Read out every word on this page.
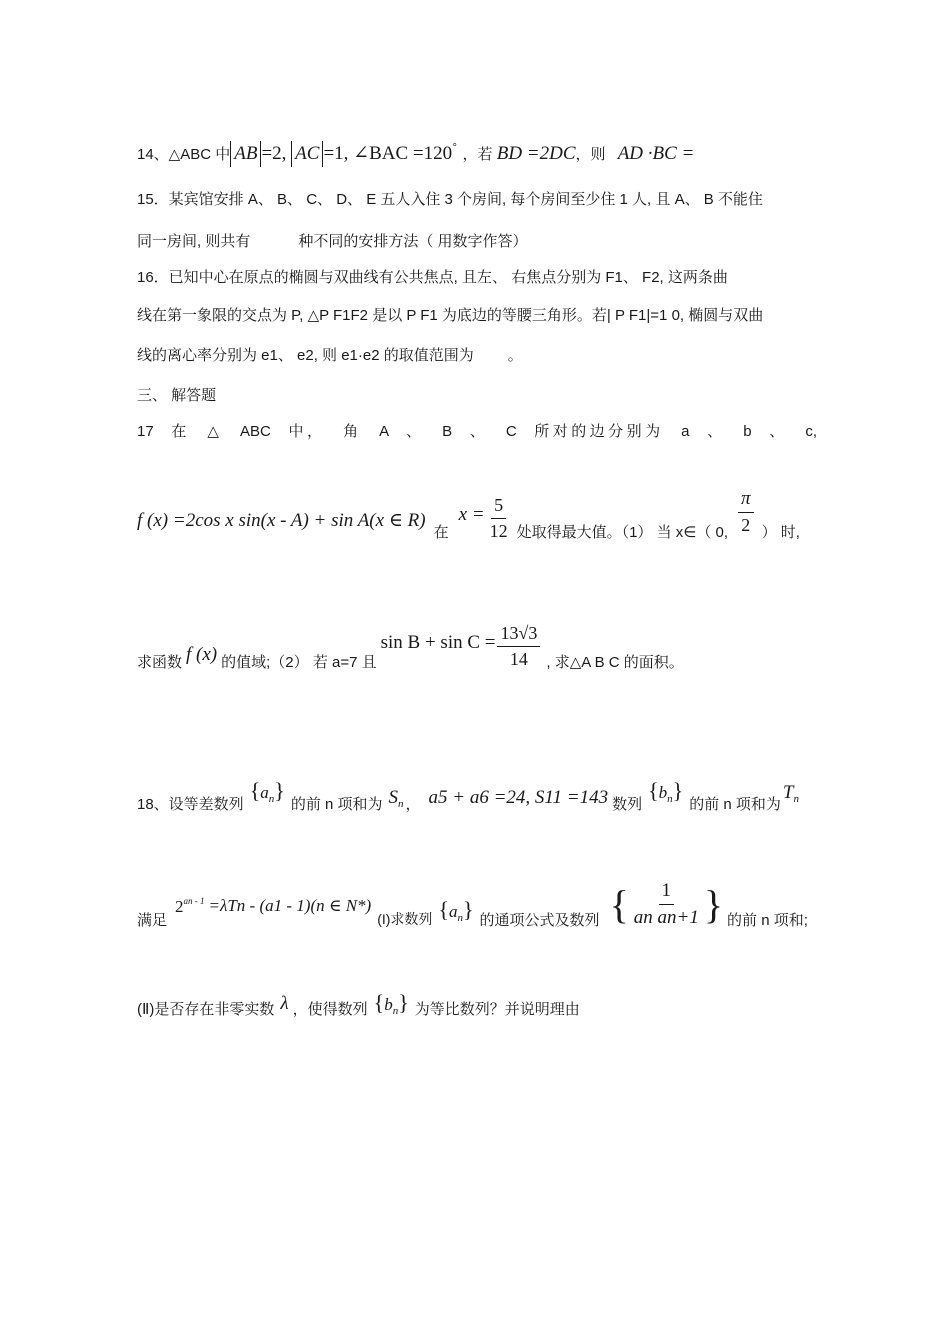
14、△ABC 中 AB =2, AC =1, ∠BAC =120° ，若 BD =2DC，则 AD ·BC =
15．某宾馆安排 A、 B、 C、 D、 E 五人入住 3 个房间, 每个房间至少住 1 人, 且 A、 B 不能住
同一房间, 则共有	种不同的安排方法（ 用数字作答）
16．已知中心在原点的椭圆与双曲线有公共焦点, 且左、 右焦点分别为 F1、 F2, 这两条曲
线在第一象限的交点为 P, △P F1F2 是以 P F1 为底边的等腰三角形。若| P F1|=1 0, 椭圆与双曲
线的离心率分别为 e1、 e2, 则 e1·e2 的取值范围为 。
三、 解答题
17 在 △ ABC 中， 角 A 、 B 、 C 所对的边分别为 a 、 b 、 c,
f (x) =2cos x sin(x - A) + sin A(x ∈ R)
在
$x = \frac{5}{12}$ 处取得最大值。（1） 当 x∈（ 0, $\frac{\pi}{2}$ ） 时,
求函数 f (x) 的值域;（2） 若 a=7 且
$\sin B + \sin C = \frac{13√3}{14}$ , 求△A B C 的面积。
18、设等差数列
$\{a_n\}$
的前 n 项和为 $S_n$ ， a5 + a6 =24, S11 =143 数列
$\{b_n\}$
的前 n 项和为
$T_n$
满足
$2^{an - 1} =\lambda Tn - (a1 - 1)(n$ ∈ N*)
(I)求数列 $\{a_n\}$ 的通项公式及数列 { $\frac{1}{\text{an an+1}}$ } 的前 n 项和;
(Ⅱ)是否存在非零实数 λ ，使得数列 $\{b_n\}$ 为等比数列？并说明理由
